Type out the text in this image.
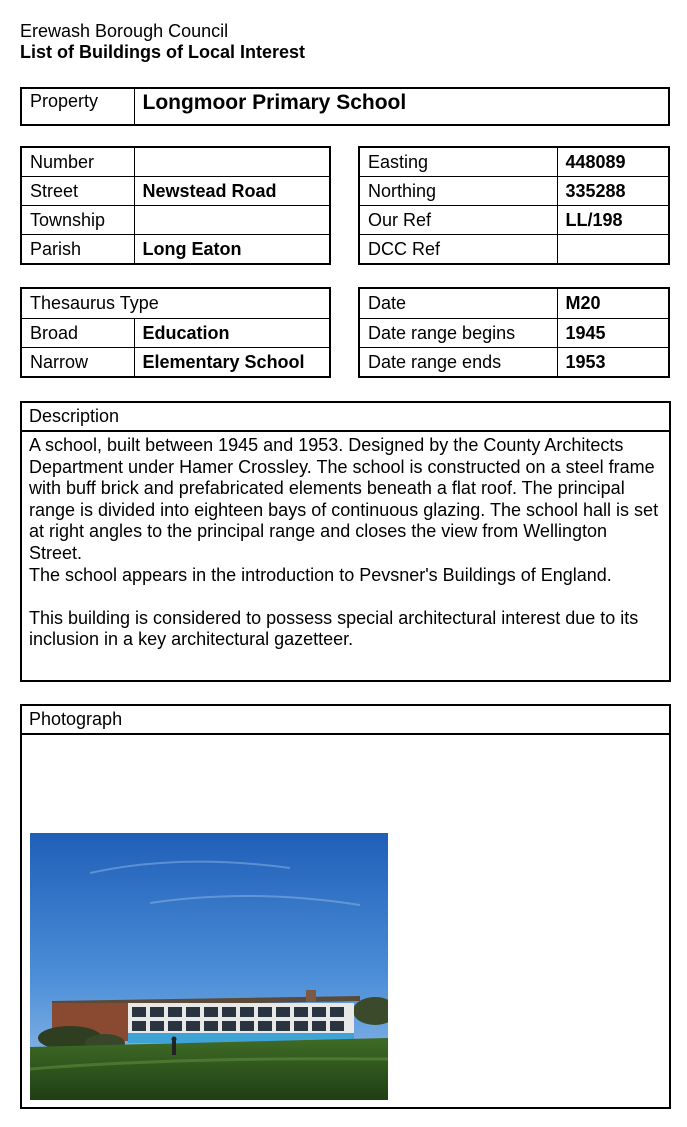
Erewash Borough Council
List of Buildings of Local Interest
Property	Longmoor Primary School
Number	
Street	Newstead Road
Township	
Parish	Long Eaton
Easting	448089
Northing	335288
Our Ref	LL/198
DCC Ref	
Thesaurus Type	
Broad	Education
Narrow	Elementary School
Date	M20
Date range begins	1945
Date range ends	1953
Description
A school, built between 1945 and 1953. Designed by the County Architects Department under Hamer Crossley. The school is constructed on a steel frame with buff brick and prefabricated elements beneath a flat roof. The principal range is divided into eighteen bays of continuous glazing. The school hall is set at right angles to the principal range and closes the view from Wellington Street.
The school appears in the introduction to Pevsner's Buildings of England.

This building is considered to possess special architectural interest due to its inclusion in a key architectural gazetteer.
Photograph
